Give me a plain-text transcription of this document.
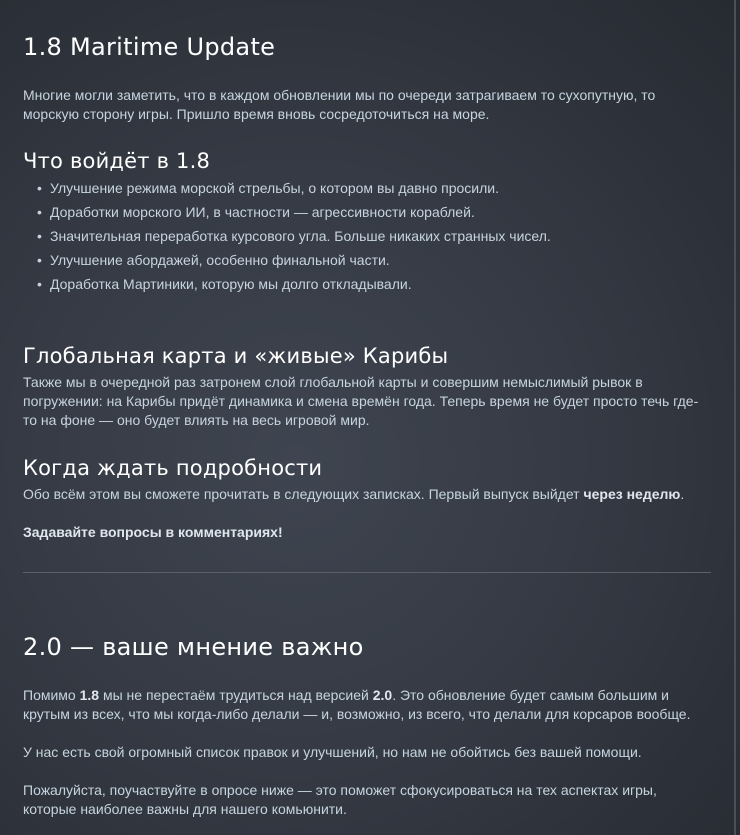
1.8 Maritime Update

Многие могли заметить, что в каждом обновлении мы по очереди затрагиваем то сухопутную, то морскую сторону игры. Пришло время вновь сосредоточиться на море.

Что войдёт в 1.8
• Улучшение режима морской стрельбы, о котором вы давно просили.
• Доработки морского ИИ, в частности — агрессивности кораблей.
• Значительная переработка курсового угла. Больше никаких странных чисел.
• Улучшение абордажей, особенно финальной части.
• Доработка Мартиники, которую мы долго откладывали.
Глобальная карта и «живые» Карибы

Также мы в очередной раз затронем слой глобальной карты и совершим немыслимый рывок в погружении: на Карибы придёт динамика и смена времён года. Теперь время не будет просто течь где-то на фоне — оно будет влиять на весь игровой мир.

Когда ждать подробности

Обо всём этом вы сможете прочитать в следующих записках. Первый выпуск выйдет через неделю.

Задавайте вопросы в комментариях!

2.0 — ваше мнение важно

Помимо 1.8 мы не перестаём трудиться над версией 2.0. Это обновление будет самым большим и крутым из всех, что мы когда-либо делали — и, возможно, из всего, что делали для корсаров вообще.

У нас есть свой огромный список правок и улучшений, но нам не обойтись без вашей помощи.

Пожалуйста, поучаствуйте в опросе ниже — это поможет сфокусироваться на тех аспектах игры, которые наиболее важны для нашего комьюнити.
